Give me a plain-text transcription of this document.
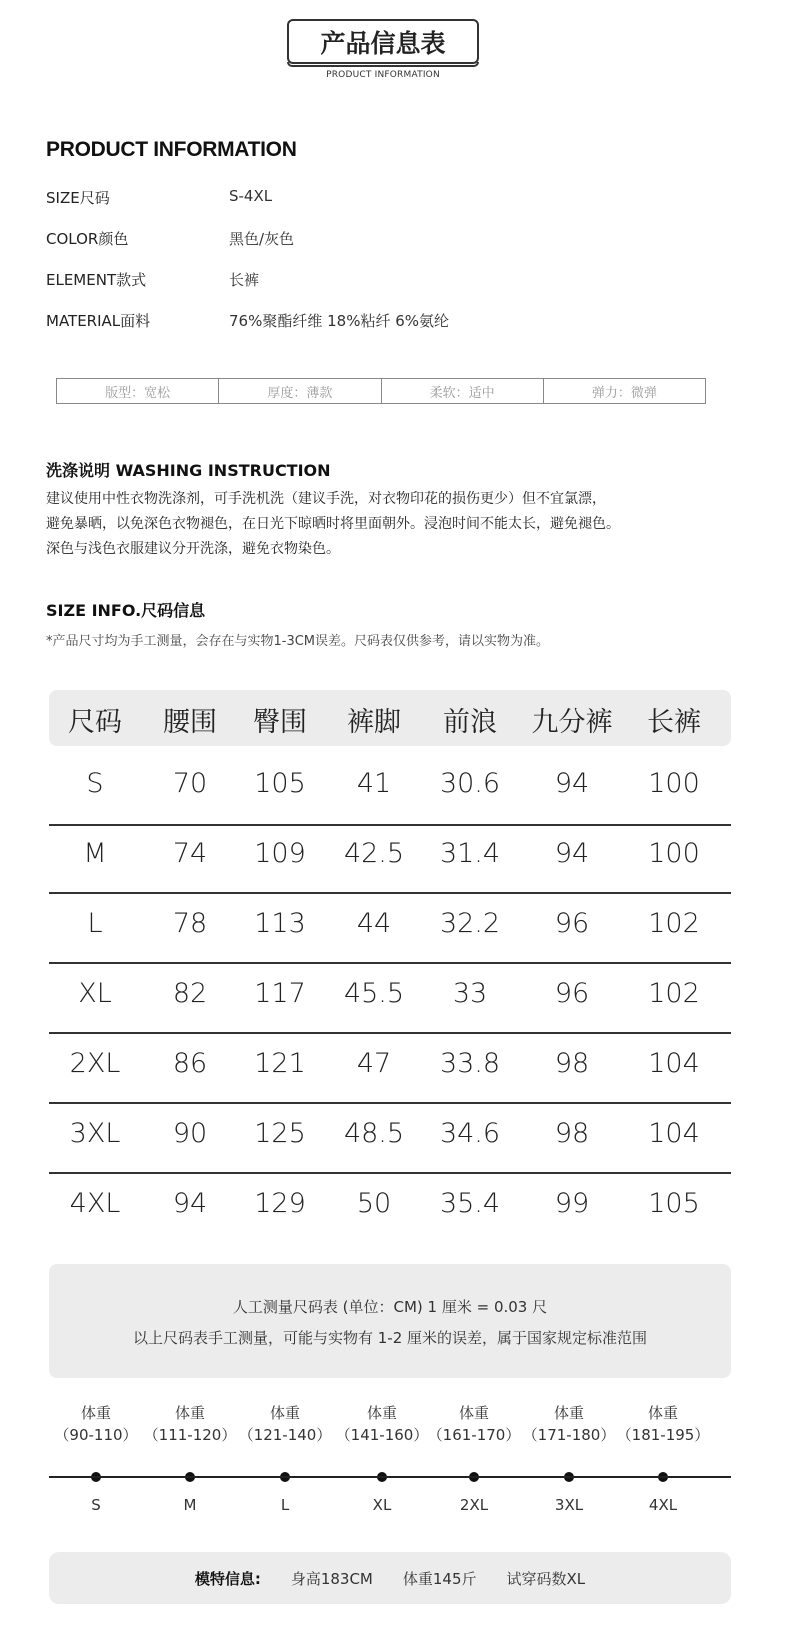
产品信息表
PRODUCT INFORMATION
PRODUCT INFORMATION
SIZE尺码	S-4XL
COLOR颜色	黑色/灰色
ELEMENT款式	长裤
MATERIAL面料	76%聚酯纤维 18%粘纤 6%氨纶
版型：宽松	厚度：薄款	柔软：适中	弹力：微弹
洗涤说明 WASHING INSTRUCTION
建议使用中性衣物洗涤剂，可手洗机洗（建议手洗，对衣物印花的损伤更少）但不宜氯漂，
避免暴晒，以免深色衣物褪色，在日光下晾晒时将里面朝外。浸泡时间不能太长，避免褪色。
深色与浅色衣服建议分开洗涤，避免衣物染色。
SIZE INFO.尺码信息
*产品尺寸均为手工测量，会存在与实物1-3CM误差。尺码表仅供参考，请以实物为准。
尺码	腰围	臀围	裤脚	前浪	九分裤	长裤
S	70	105	41	30.6	94	100
M	74	109	42.5	31.4	94	100
L	78	113	44	32.2	96	102
XL	82	117	45.5	33	96	102
2XL	86	121	47	33.8	98	104
3XL	90	125	48.5	34.6	98	104
4XL	94	129	50	35.4	99	105
人工测量尺码表 (单位：CM) 1 厘米 = 0.03 尺
以上尺码表手工测量，可能与实物有 1-2 厘米的误差，属于国家规定标准范围
体重
（90-110）
S
体重
（111-120）
M
体重
（121-140）
L
体重
（141-160）
XL
体重
（161-170）
2XL
体重
（171-180）
3XL
体重
（181-195）
4XL
模特信息: 身高183CM 体重145斤 试穿码数XL
